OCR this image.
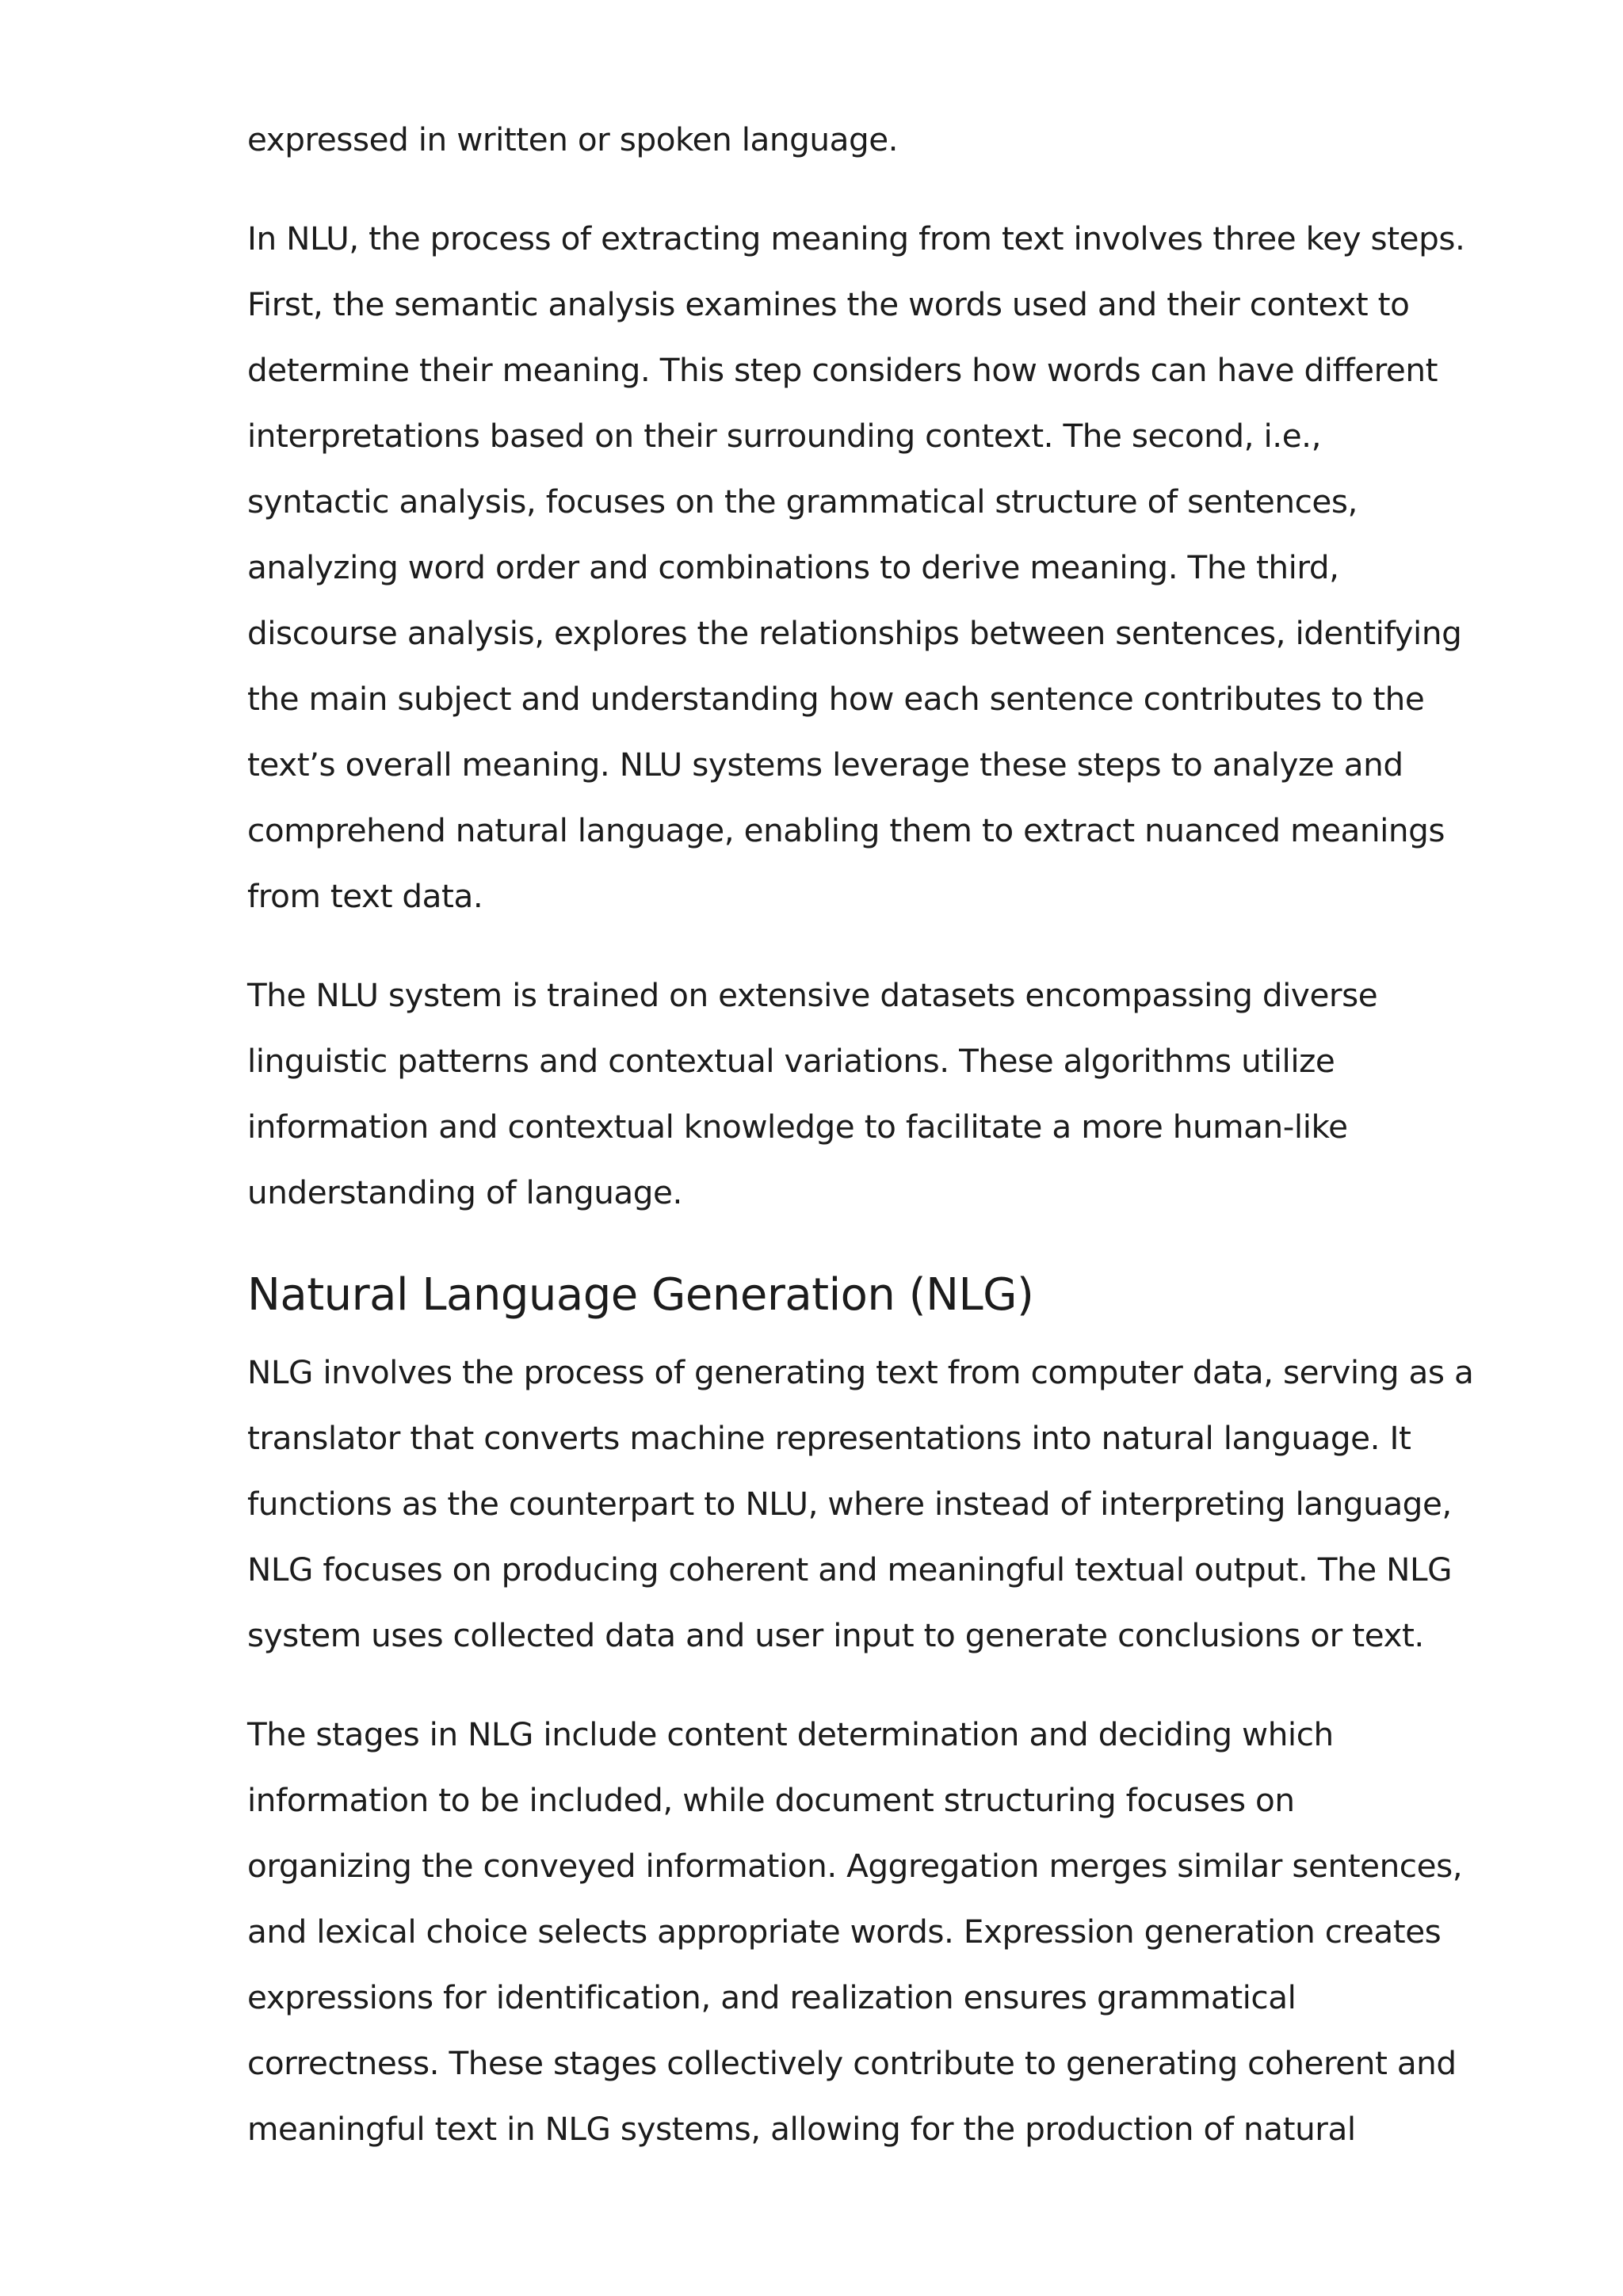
expressed in written or spoken language.

In NLU, the process of extracting meaning from text involves three key steps.
First, the semantic analysis examines the words used and their context to
determine their meaning. This step considers how words can have different
interpretations based on their surrounding context. The second, i.e.,
syntactic analysis, focuses on the grammatical structure of sentences,
analyzing word order and combinations to derive meaning. The third,
discourse analysis, explores the relationships between sentences, identifying
the main subject and understanding how each sentence contributes to the
text’s overall meaning. NLU systems leverage these steps to analyze and
comprehend natural language, enabling them to extract nuanced meanings
from text data.

The NLU system is trained on extensive datasets encompassing diverse
linguistic patterns and contextual variations. These algorithms utilize
information and contextual knowledge to facilitate a more human-like
understanding of language.

Natural Language Generation (NLG)

NLG involves the process of generating text from computer data, serving as a
translator that converts machine representations into natural language. It
functions as the counterpart to NLU, where instead of interpreting language,
NLG focuses on producing coherent and meaningful textual output. The NLG
system uses collected data and user input to generate conclusions or text.

The stages in NLG include content determination and deciding which
information to be included, while document structuring focuses on
organizing the conveyed information. Aggregation merges similar sentences,
and lexical choice selects appropriate words. Expression generation creates
expressions for identification, and realization ensures grammatical
correctness. These stages collectively contribute to generating coherent and
meaningful text in NLG systems, allowing for the production of natural
